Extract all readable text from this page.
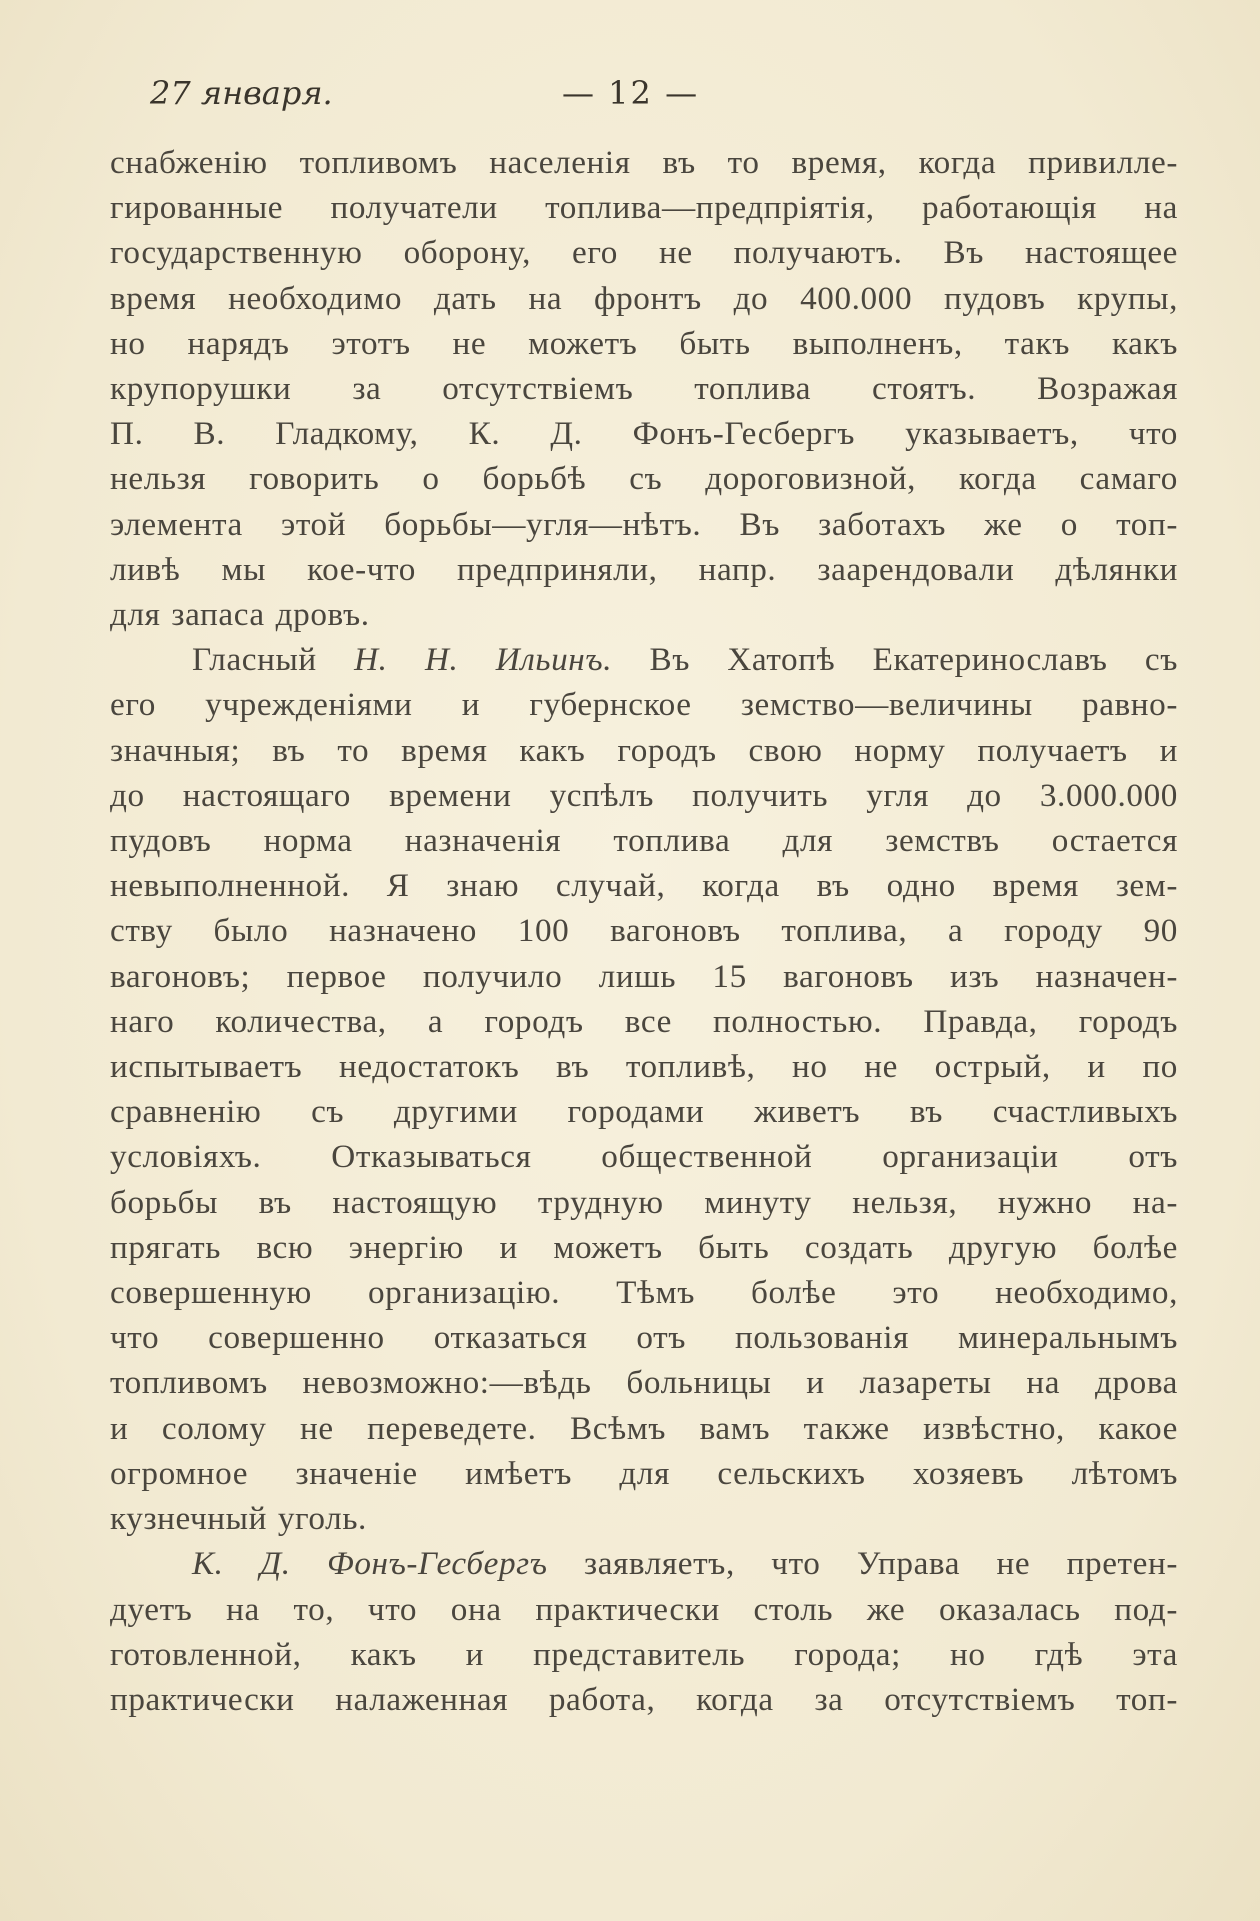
27 января.	— 12 —

снабженію топливомъ населенія въ то время, когда привилле-
гированные получатели топлива—предпріятія, работающія на
государственную оборону, его не получаютъ. Въ настоящее
время необходимо дать на фронтъ до 400.000 пудовъ крупы,
но нарядъ этотъ не можетъ быть выполненъ, такъ какъ
крупорушки за отсутствіемъ топлива стоятъ. Возражая
П. В. Гладкому, К. Д. Фонъ-Гесбергъ указываетъ, что
нельзя говорить о борьбѣ съ дороговизной, когда самаго
элемента этой борьбы—угля—нѣтъ. Въ заботахъ же о топ-
ливѣ мы кое-что предприняли, напр. заарендовали дѣлянки
для запаса дровъ.

Гласный Н. Н. Ильинъ. Въ Хатопѣ Екатеринославъ съ
его учрежденіями и губернское земство—величины равно-
значныя; въ то время какъ городъ свою норму получаетъ и
до настоящаго времени успѣлъ получить угля до 3.000.000
пудовъ норма назначенія топлива для земствъ остается
невыполненной. Я знаю случай, когда въ одно время зем-
ству было назначено 100 вагоновъ топлива, а городу 90
вагоновъ; первое получило лишь 15 вагоновъ изъ назначен-
наго количества, а городъ все полностью. Правда, городъ
испытываетъ недостатокъ въ топливѣ, но не острый, и по
сравненію съ другими городами живетъ въ счастливыхъ
условіяхъ. Отказываться общественной организаціи отъ
борьбы въ настоящую трудную минуту нельзя, нужно на-
прягать всю энергію и можетъ быть создать другую болѣе
совершенную организацію. Тѣмъ болѣе это необходимо,
что совершенно отказаться отъ пользованія минеральнымъ
топливомъ невозможно:—вѣдь больницы и лазареты на дрова
и солому не переведете. Всѣмъ вамъ также извѣстно, какое
огромное значеніе имѣетъ для сельскихъ хозяевъ лѣтомъ
кузнечный уголь.

К. Д. Фонъ-Гесбергъ заявляетъ, что Управа не претен-
дуетъ на то, что она практически столь же оказалась под-
готовленной, какъ и представитель города; но гдѣ эта
практически налаженная работа, когда за отсутствіемъ топ-
